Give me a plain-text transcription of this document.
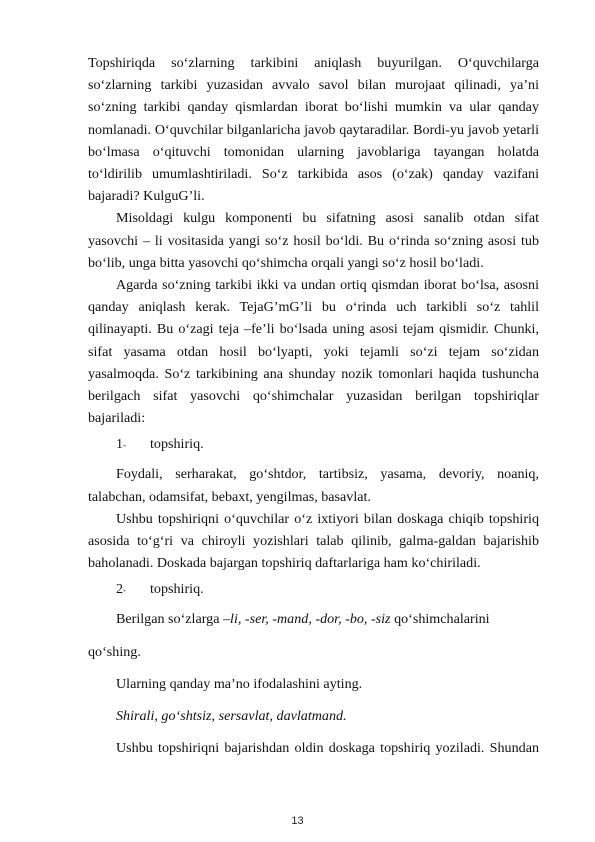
Topshiriqda so‘zlarning tarkibini aniqlash buyurilgan. O‘quvchilarga so‘zlarning tarkibi yuzasidan avvalo savol bilan murojaat qilinadi, ya’ni so‘zning tarkibi qanday qismlardan iborat bo‘lishi mumkin va ular qanday nomlanadi. O‘quvchilar bilganlaricha javob qaytaradilar. Bordi-yu javob yetarli bo‘lmasa o‘qituvchi tomonidan ularning javoblariga tayangan holatda to‘ldirilib umumlashtiriladi. So‘z tarkibida asos (o‘zak) qanday vazifani bajaradi? KulguG’li.

Misoldagi kulgu komponenti bu sifatning asosi sanalib otdan sifat yasovchi – li vositasida yangi so‘z hosil bo‘ldi. Bu o‘rinda so‘zning asosi tub bo‘lib, unga bitta yasovchi qo‘shimcha orqali yangi so‘z hosil bo‘ladi.

Agarda so‘zning tarkibi ikki va undan ortiq qismdan iborat bo‘lsa, asosni qanday aniqlash kerak. TejaG’mG’li bu o‘rinda uch tarkibli so‘z tahlil qilinayapti. Bu o‘zagi teja –fe’li bo‘lsada uning asosi tejam qismidir. Chunki, sifat yasama otdan hosil bo‘lyapti, yoki tejamli so‘zi tejam so‘zidan yasalmoqda. So‘z tarkibining ana shunday nozik tomonlari haqida tushuncha berilgach sifat yasovchi qo‘shimchalar yuzasidan berilgan topshiriqlar bajariladi:

1- topshiriq.

Foydali, serharakat, go‘shtdor, tartibsiz, yasama, devoriy, noaniq, talabchan, odamsifat, bebaxt, yengilmas, basavlat.

Ushbu topshiriqni o‘quvchilar o‘z ixtiyori bilan doskaga chiqib topshiriq asosida to‘g‘ri va chiroyli yozishlari talab qilinib, galma-galdan bajarishib baholanadi. Doskada bajargan topshiriq daftarlariga ham ko‘chiriladi.

2- topshiriq.

Berilgan so‘zlarga –li, -ser, -mand, -dor, -bo, -siz qo‘shimchalarini

qo‘shing.

Ularning qanday ma’no ifodalashini ayting.

Shirali, go‘shtsiz, sersavlat, davlatmand.

Ushbu topshiriqni bajarishdan oldin doskaga topshiriq yoziladi. Shundan

13
